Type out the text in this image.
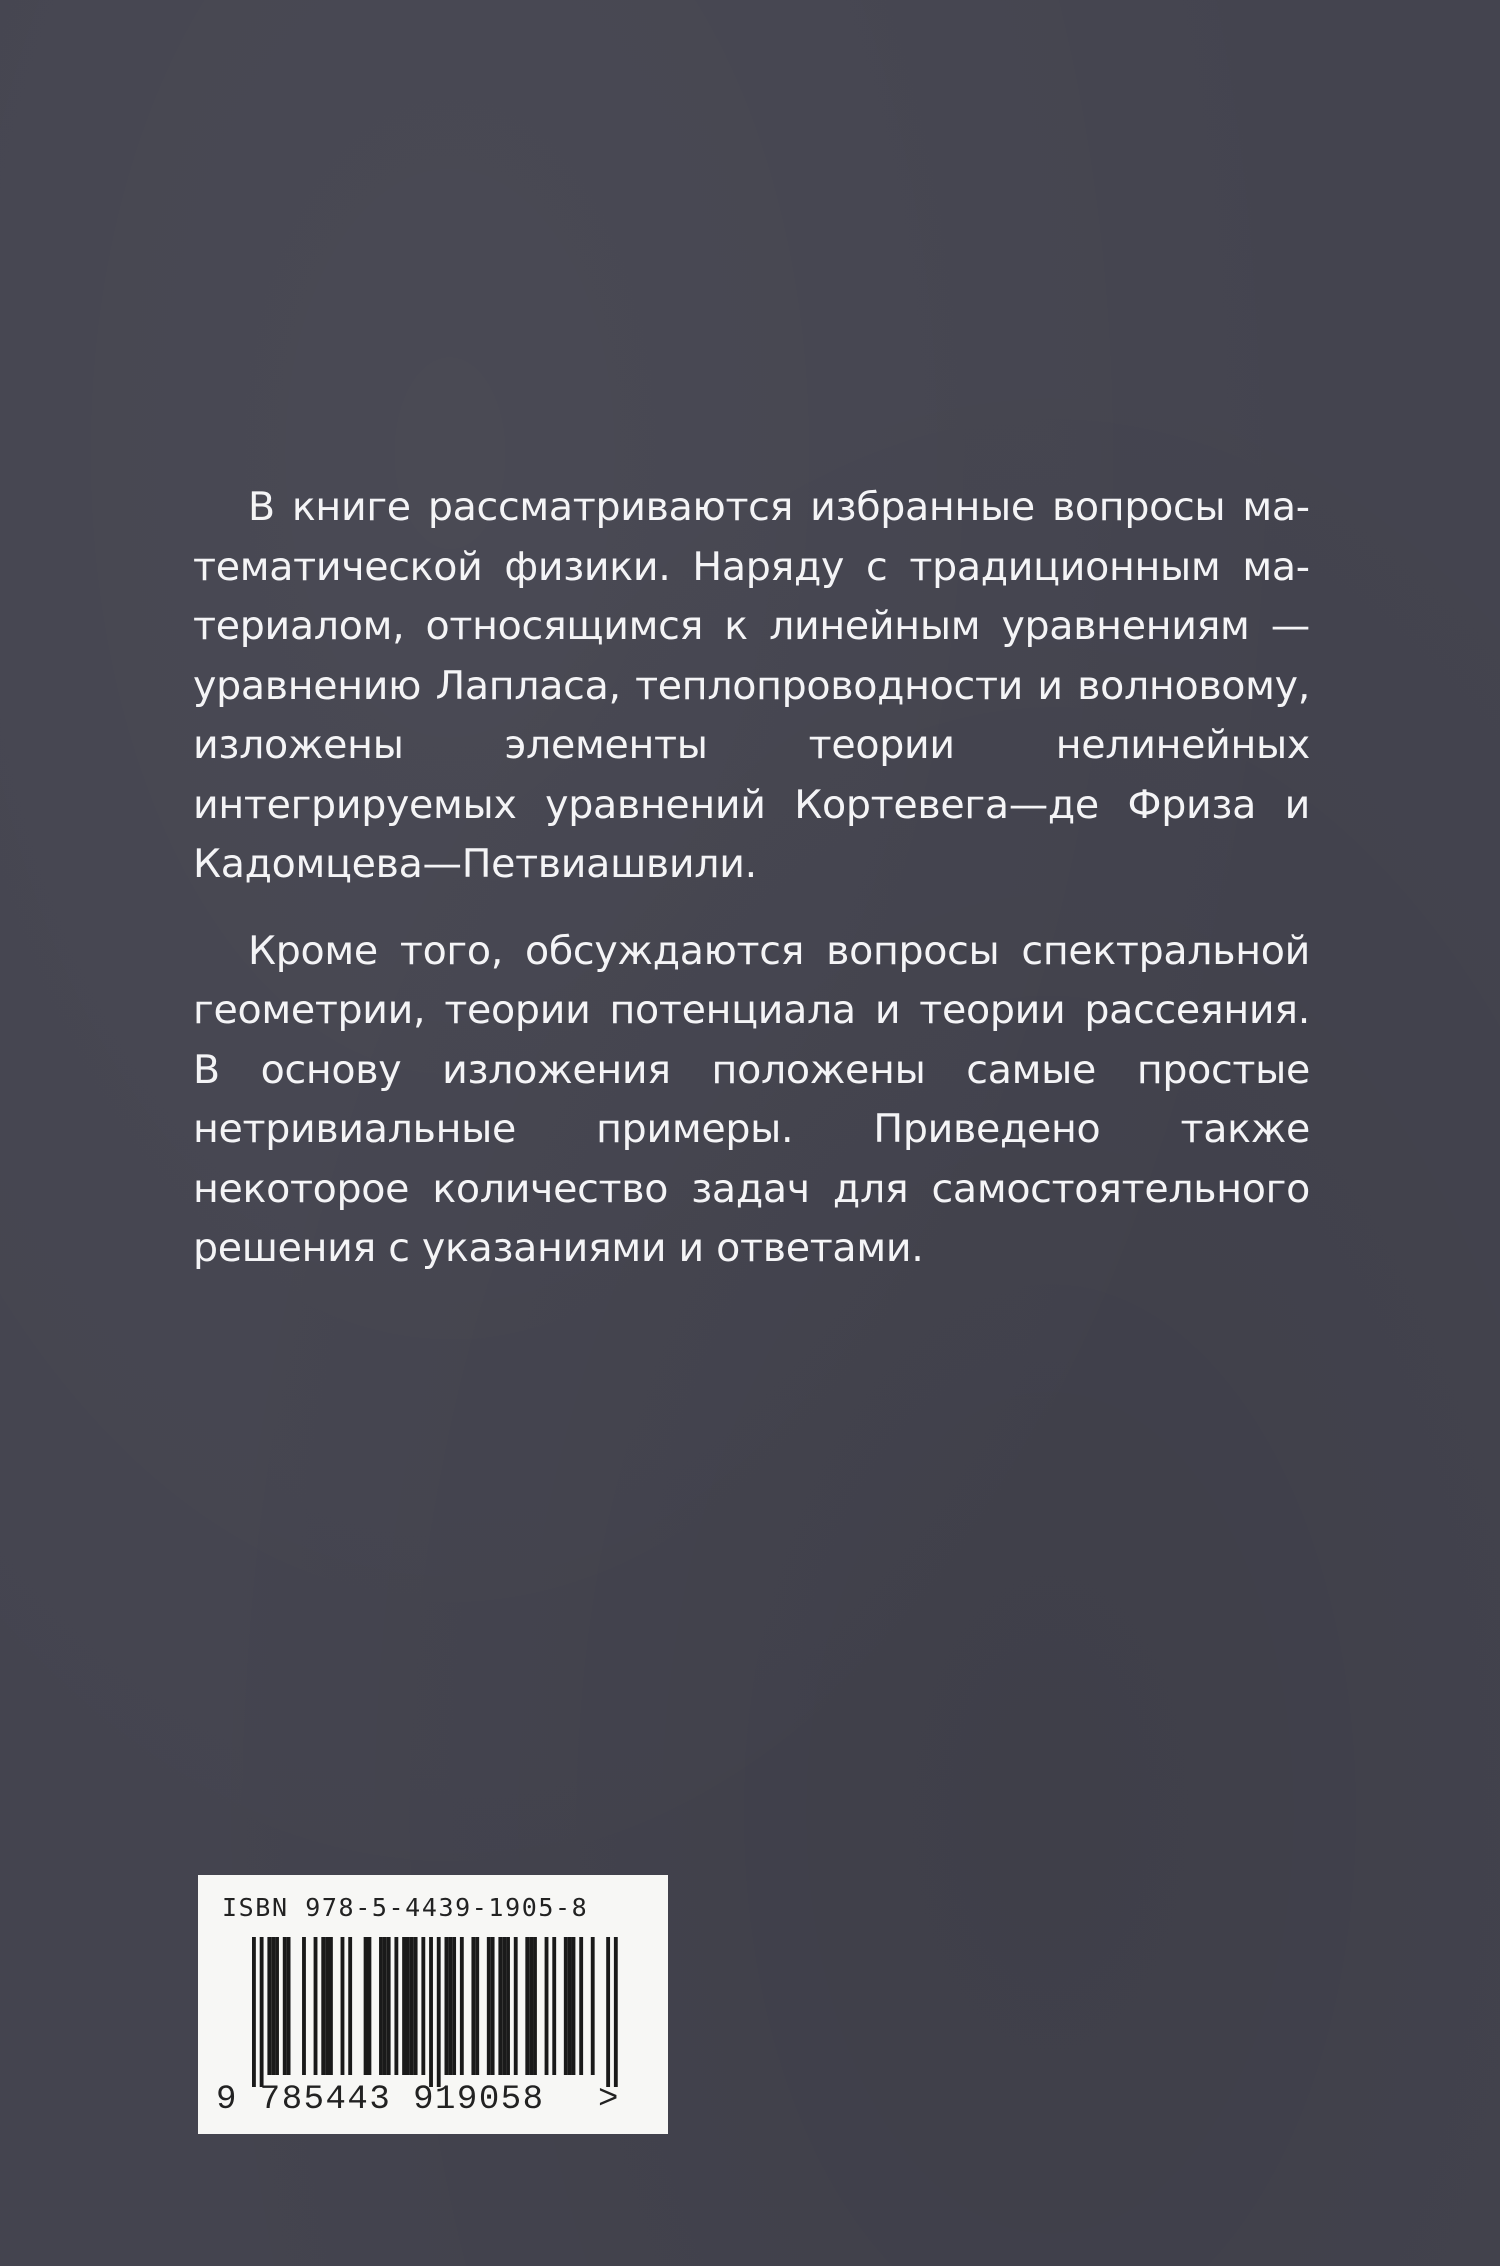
В книге рассматриваются избранные вопросы математической физики. Наряду с традиционным материалом, относящимся к линейным уравнениям — уравнению Лапласа, теплопроводности и волновому, изложены элементы теории нелинейных интегрируемых уравнений Кортевега—де Фриза и Кадомцева—Петвиашвили.

Кроме того, обсуждаются вопросы спектральной геометрии, теории потенциала и теории рассеяния. В основу изложения положены самые простые нетривиальные примеры. Приведено также некоторое количество задач для самостоятельного решения с указаниями и ответами.

ISBN 978-5-4439-1905-8
9 785443 919058 >
